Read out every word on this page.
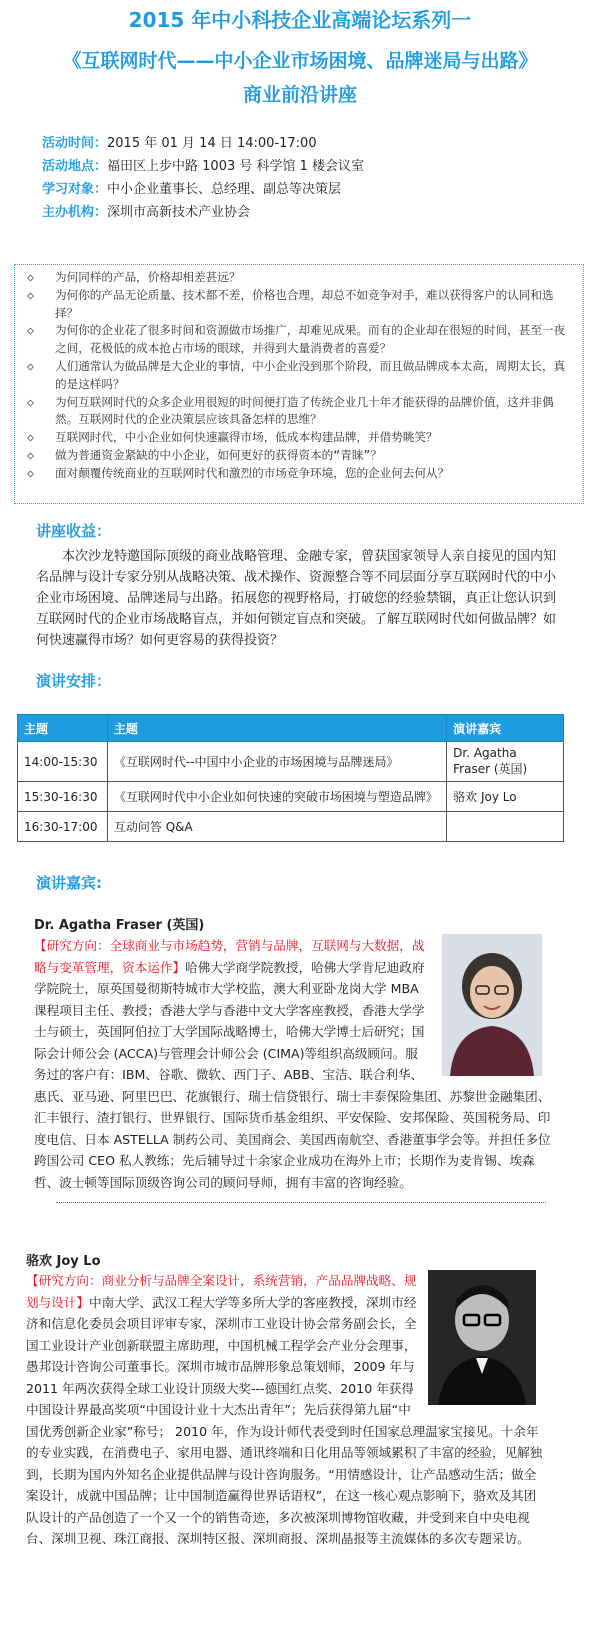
2015 年中小科技企业高端论坛系列一
《互联网时代——中小企业市场困境、品牌迷局与出路》
商业前沿讲座
活动时间：2015 年 01 月 14 日 14:00-17:00
活动地点：福田区上步中路 1003 号 科学馆 1 楼会议室
学习对象：中小企业董事长、总经理、副总等决策层
主办机构：深圳市高新技术产业协会
◇ 为何同样的产品，价格却相差甚远？
◇ 为何你的产品无论质量、技术都不差，价格也合理，却总不如竞争对手，难以获得客户的认同和选择？
◇ 为何你的企业花了很多时间和资源做市场推广，却难见成果。而有的企业却在很短的时间，甚至一夜之间，花极低的成本抢占市场的眼球，并得到大量消费者的喜爱？
◇ 人们通常认为做品牌是大企业的事情，中小企业没到那个阶段，而且做品牌成本太高，周期太长，真的是这样吗？
◇ 为何互联网时代的众多企业用很短的时间便打造了传统企业几十年才能获得的品牌价值，这并非偶然。互联网时代的企业决策层应该具备怎样的思维？
◇ 互联网时代，中小企业如何快速赢得市场，低成本构建品牌，并借势眺笑？
◇ 做为普通资金紧缺的中小企业，如何更好的获得资本的“青睐”？
◇ 面对颠覆传统商业的互联网时代和激烈的市场竞争环境，您的企业何去何从？
讲座收益：
本次沙龙特邀国际顶级的商业战略管理、金融专家，曾获国家领导人亲自接见的国内知名品牌与设计专家分别从战略决策、战术操作、资源整合等不同层面分享互联网时代的中小企业市场困境、品牌迷局与出路。拓展您的视野格局，打破您的经验禁锢，真正让您认识到互联网时代的企业市场战略盲点，并如何锁定盲点和突破。了解互联网时代如何做品牌？如何快速赢得市场？如何更容易的获得投资？
演讲安排：
主题	主题	演讲嘉宾
14:00-15:30	《互联网时代--中国中小企业的市场困境与品牌迷局》	Dr. Agatha Fraser (英国)
15:30-16:30	《互联网时代中小企业如何快速的突破市场困境与塑造品牌》	骆欢 Joy Lo
16:30-17:00	互动问答 Q&A	
演讲嘉宾:
Dr. Agatha Fraser (英国)
【研究方向：全球商业与市场趋势，营销与品牌，互联网与大数据，战略与变革管理，资本运作】哈佛大学商学院教授，哈佛大学肯尼迪政府学院院士，原英国曼彻斯特城市大学校监，澳大利亚卧龙岗大学 MBA 课程项目主任、教授；香港大学与香港中文大学客座教授，香港大学学士与硕士，英国阿伯拉丁大学国际战略博士，哈佛大学博士后研究；国际会计师公会 (ACCA)与管理会计师公会 (CIMA)等组织高级顾问。服务过的客户有：IBM、谷歌、微软、西门子、ABB、宝洁、联合利华、惠氏、亚马逊、阿里巴巴、花旗银行、瑞士信贷银行、瑞士丰泰保险集团、苏黎世金融集团、汇丰银行、渣打银行、世界银行、国际货币基金组织、平安保险、安邦保险、英国税务局、印度电信、日本 ASTELLA 制药公司、美国商会、美国西南航空、香港董事学会等。并担任多位跨国公司 CEO 私人教练；先后辅导过十余家企业成功在海外上市；长期作为麦肯锡、埃森哲、波士顿等国际顶级咨询公司的顾问导师，拥有丰富的咨询经验。
骆欢 Joy Lo
【研究方向：商业分析与品牌全案设计，系统营销，产品品牌战略、规划与设计】中南大学、武汉工程大学等多所大学的客座教授，深圳市经济和信息化委员会项目评审专家，深圳市工业设计协会常务副会长，全国工业设计产业创新联盟主席助理，中国机械工程学会产业分会理事，愚邦设计咨询公司董事长。深圳市城市品牌形象总策划师，2009 年与 2011 年两次获得全球工业设计顶级大奖---德国红点奖、2010 年获得中国设计界最高奖项“中国设计业十大杰出青年”；先后获得第九届“中国优秀创新企业家”称号； 2010 年，作为设计师代表受到时任国家总理温家宝接见。十余年的专业实践，在消费电子、家用电器、通讯终端和日化用品等领域累积了丰富的经验，见解独到，长期为国内外知名企业提供品牌与设计咨询服务。“用情感设计，让产品感动生活；做全案设计，成就中国品牌；让中国制造赢得世界话语权”，在这一核心观点影响下，骆欢及其团队设计的产品创造了一个又一个的销售奇迹，多次被深圳博物馆收藏，并受到来自中央电视台、深圳卫视、珠江商报、深圳特区报、深圳商报、深圳晶报等主流媒体的多次专题采访。
